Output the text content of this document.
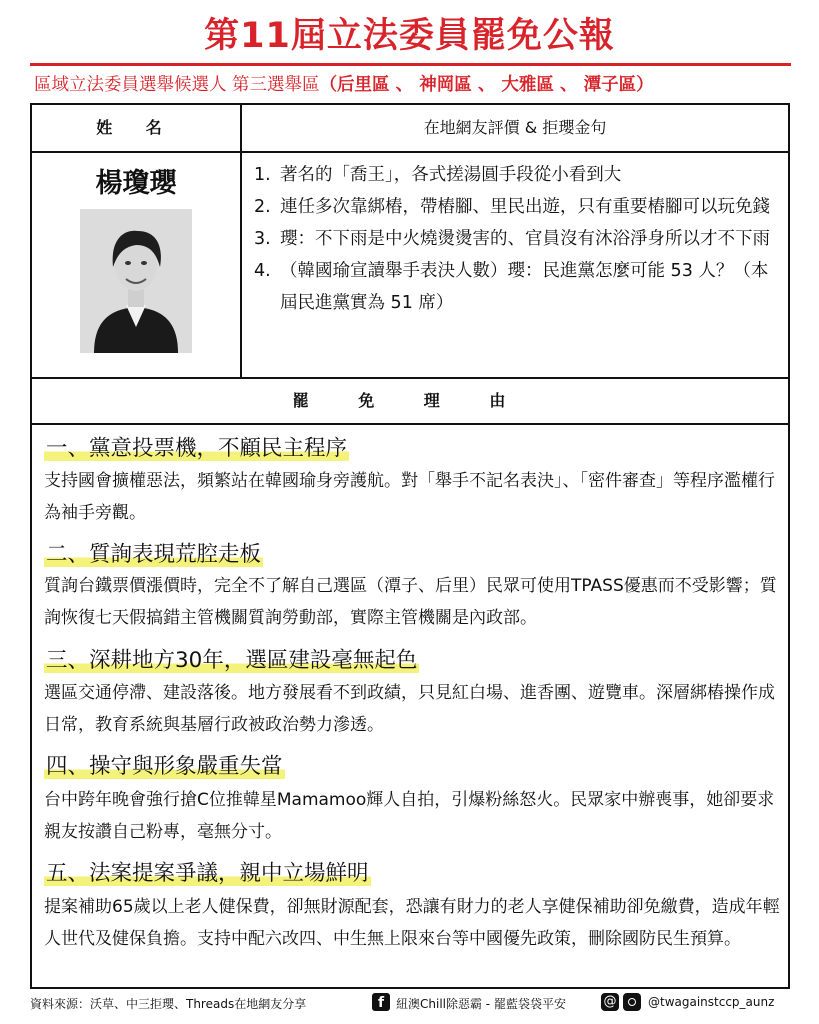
第11屆立法委員罷免公報
區域立法委員選舉候選人 第三選舉區（后里區 、 神岡區 、 大雅區 、 潭子區）
姓 名	在地網友評價 & 拒瓔金句
楊瓊瓔	1. 著名的「喬王」，各式搓湯圓手段從小看到大
2. 連任多次靠綁樁，帶樁腳、里民出遊，只有重要樁腳可以玩免錢
3. 瓔：不下雨是中火燒燙燙害的、官員沒有沐浴淨身所以才不下雨
4. （韓國瑜宣讀舉手表決人數）瓔：民進黨怎麼可能 53 人？（本屆民進黨實為 51 席）
罷 免 理 由
一、黨意投票機，不顧民主程序
支持國會擴權惡法，頻繁站在韓國瑜身旁護航。對「舉手不記名表決」、「密件審查」等程序濫權行為袖手旁觀。
二、質詢表現荒腔走板
質詢台鐵票價漲價時，完全不了解自己選區（潭子、后里）民眾可使用TPASS優惠而不受影響；質詢恢復七天假搞錯主管機關質詢勞動部，實際主管機關是內政部。
三、深耕地方30年，選區建設毫無起色
選區交通停滯、建設落後。地方發展看不到政績，只見紅白場、進香團、遊覽車。深層綁樁操作成日常，教育系統與基層行政被政治勢力滲透。
四、操守與形象嚴重失當
台中跨年晚會強行搶C位推韓星Mamamoo輝人自拍，引爆粉絲怒火。民眾家中辦喪事，她卻要求親友按讚自己粉專，毫無分寸。
五、法案提案爭議，親中立場鮮明
提案補助65歲以上老人健保費，卻無財源配套，恐讓有財力的老人享健保補助卻免繳費，造成年輕人世代及健保負擔。支持中配六改四、中生無上限來台等中國優先政策，刪除國防民生預算。
資料來源：沃草、中三拒瓔、Threads在地網友分享	f 紐澳Chill除惡霸 - 罷藍袋袋平安	@	@twagainstccp_aunz
